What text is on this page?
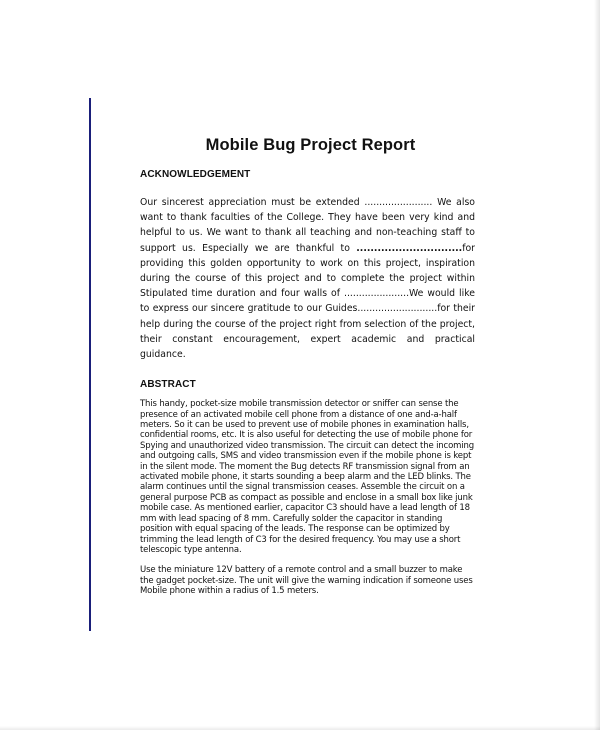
Mobile Bug Project Report
ACKNOWLEDGEMENT

Our sincerest appreciation must be extended ....................... We also want to thank faculties of the College. They have been very kind and helpful to us. We want to thank all teaching and non-teaching staff to support us. Especially we are thankful to ..............................for providing this golden opportunity to work on this project, inspiration during the course of this project and to complete the project within Stipulated time duration and four walls of ......................We would like to express our sincere gratitude to our Guides...........................for their help during the course of the project right from selection of the project, their constant encouragement, expert academic and practical guidance.

ABSTRACT

This handy, pocket-size mobile transmission detector or sniffer can sense the presence of an activated mobile cell phone from a distance of one and-a-half meters. So it can be used to prevent use of mobile phones in examination halls, confidential rooms, etc. It is also useful for detecting the use of mobile phone for Spying and unauthorized video transmission. The circuit can detect the incoming and outgoing calls, SMS and video transmission even if the mobile phone is kept in the silent mode. The moment the Bug detects RF transmission signal from an activated mobile phone, it starts sounding a beep alarm and the LED blinks. The alarm continues until the signal transmission ceases. Assemble the circuit on a general purpose PCB as compact as possible and enclose in a small box like junk mobile case. As mentioned earlier, capacitor C3 should have a lead length of 18 mm with lead spacing of 8 mm. Carefully solder the capacitor in standing position with equal spacing of the leads. The response can be optimized by trimming the lead length of C3 for the desired frequency. You may use a short telescopic type antenna.

Use the miniature 12V battery of a remote control and a small buzzer to make the gadget pocket-size. The unit will give the warning indication if someone uses Mobile phone within a radius of 1.5 meters.
